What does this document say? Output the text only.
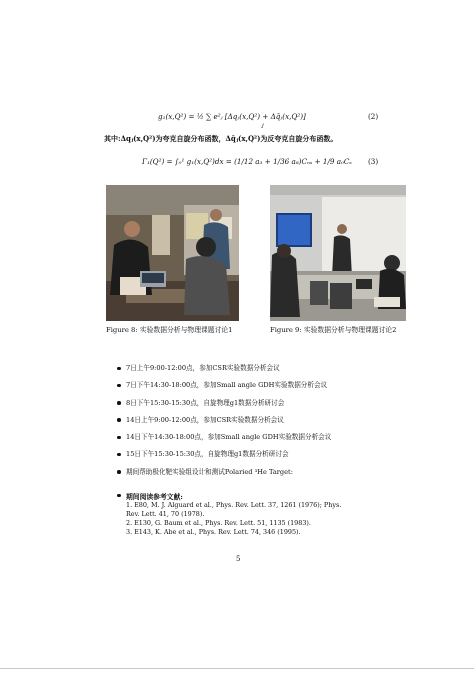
g₁(x,Q²) = ½ ∑ e²ⱼ [Δqⱼ(x,Q²) + Δq̄ⱼ(x,Q²)]
j
(2)
其中:Δqⱼ(x,Q²)为夸克自旋分布函数，Δq̄ⱼ(x,Q²)为反夸克自旋分布函数。
Γ₁(Q²) = ∫₀¹ g₁(x,Q²)dx = (1/12 a₃ + 1/36 a₈)Cₙₛ + 1/9 a₀Cₛ (3)
Figure 8: 实验数据分析与物理课题讨论1	Figure 9: 实验数据分析与物理课题讨论2
7日上午9:00-12:00点，参加CSR实验数据分析会议
7日下午14:30-18:00点，参加Small angle GDH实验数据分析会议
8日下午15:30-15:30点，自旋物理g1数据分析研讨会
14日上午9:00-12:00点，参加CSR实验数据分析会议
14日下午14:30-18:00点，参加Small angle GDH实验数据分析会议
15日下午15:30-15:30点，自旋物理g1数据分析研讨会
期间帮助极化靶实验组设计和测试Polaried ³He Target:
期间阅读参考文献:
1. E80, M. J. Alguard et al., Phys. Rev. Lett. 37, 1261 (1976); Phys.
Rev. Lett. 41, 70 (1978).
2. E130, G. Baum et al., Phys. Rev. Lett. 51, 1135 (1983).
3. E143, K. Abe et al., Phys. Rev. Lett. 74, 346 (1995).
5
